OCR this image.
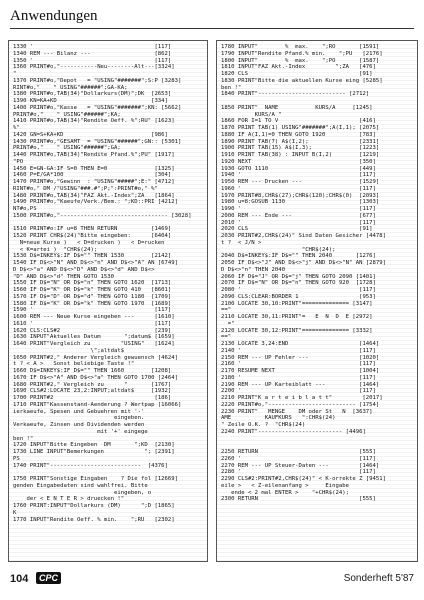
Anwendungen
1330 '                                    [117]
1340 REM --- Bilanz ---                   [862]
1350 '                                    [117]
1360 PRINT#o,"-----------Neu--------Alt---[3324]
"
1370 PRINT#o,"Depot   = "USING"#######";S:P [3283]
RINT#o,"    " USING"######";GA-KA;
1380 PRINT#o,TAB(34)"Dollarkurs(DM)";DK  [2653]
1390 KN=KA+KD                            [334]
1400 PRINT#o,"Kasse   = "USING"#######";KN: [5662]
PRINT#o,"    " USING"######";KA;
1410 PRINT#o,TAB(34)"Rendite Oeff. %";RU" [1623]
%"
1420 GN=S+KA+KD                          [986]
1430 PRINT#o,"GESAMT  = "USING"######";GN:: [5301]
PRINT#o,"    " USING"######";GA;
1440 PRINT#o,TAB(34)"Rendite Pfand.%";PU" [1917]
"PO
1450 E=GN-GA:IF S=0 THEN E=0              [1325]
1460 P=E/GA*100                           [304]
1470 PRINT#o,"Gewinn  : "USING"#####";E:" [4712]
RINT#o," DM /"USING"###.#";P;":PRINT#o," %"
1480 PRINT#o,TAB(34)"FAZ Akt.-Index";ZA   [1864]
1490 PRINT#o,"Kaeufe/Verk./Bem.: ";KD::PRI [4212]
NT#o,PS
1500 PRINT#o,"-------------------------------- [3028]
1510 PRINT#o:IF u=8 THEN RETURN          [1469]
1520 PRINT CHR$(24)"Bitte eingeben:      [6404]
N=neue Kurse )   < D=drucken )   < D=rucken
< K=artei )  "CHR$(24);
1530 D$=INKEY$:IF D$="" THEN 1530        [2142]
1540 IF D$<>"N" AND D$<>"n" AND D$<>"A" AN [6749]
D D$<>"a" AND D$<>"D" AND D$<>"d" AND D$<>
"D" AND D$<>"d" THEN GOTO 1530
1550 IF D$="N" OR D$="n" THEN GOTO 1620  [1713]
1560 IF D$="K" OR D$="k" THEN GOTO 410   [8601]
1570 IF D$="D" OR D$="d" THEN GOTO 1180  [1709]
1580 IF D$="K" OR D$="k" THEN GOTO 1970  [1689]
1590 '                                    [117]
1600 REM --- Neue Kurse eingeben ---      [1610]
1610 '                                    [117]
1620 CLS:CLS#2                            [239]
1630 INPUT"Aktuelles Datum       ";datum$ [1659]
1640 PRINT"Vergleich zu         "USING"   [1624]
\";altdat$
1650 PRINT#2," Anderer Vergleich gewuensch [4624]
t ? < A >   Sonst beliebige Taste !"
1660 D$=INKEY$:IF D$="" THEN 1660        [1208]
1670 IF D$<>"A" AND D$<>"a" THEN GOTO 1700 [2464]
1680 PRINT#2," Vergleich zu      "       [1767]
1690 CLS#2:LOCATE 23,2:INPUT;altdat$     [1932]
1700 PRINT#2                              [186]
1710 PRINT"Kassenstand-Aenderung ? Wertpap [16066]
ierkaeufe, Spesen und Gebuehren mit '-'
eingeben.
Verkaeufe, Zinsen und Dividenden werden
mit '+' eingege
ben !"
1720 INPUT"Bitte Eingeben  DM       ";KD  [2130]
1730 LINE INPUT"Bemerkungen            "; [2391]
PS
1740 PRINT"---------------------------  [4376]
1750 PRINT"Sonstige Eingaben    ? Die fol [12669]
genden Eingabedaten sind wahlfrei. Bitte
eingeben, o
der < E N T E R > druecken !"
1760 PRINT:INPUT"Dollarkurs (DM)      ";D [1865]
K
1770 INPUT"Rendite Oeff. % min.    ";RU   [2302]
1780 INPUT"        %  max.    ";RO       [1591]
1790 INPUT"Rendite Pfand.% min.    ";PU   [2176]
1800 INPUT"        %  max.    ";PO       [1587]
1810 INPUT"FAZ Akt.-Index         ";ZA   [476]
1820 CLS                                 [91]
1830 PRINT"Bitte die aktuellen Kurse eing [5285]
ben !"
1840 PRINT"-------------------------- [2712]
1850 PRINT"  NAME           KURS/A     [1245]
KURS/A "
1860 FOR I=1 TO V                        [416]
1870 PRINT TAB(1) USING"#######";A(I,1); [2075]
1880 IF A(I,1)=0 THEN GOTO 1920          [783]
1890 PRINT TAB(7) A$(I,2);               [2331]
1900 PRINT TAB(15) A$(I,3);              [1223]
1910 PRINT TAB(38) : INPUT B(I,2)        [1219]
1920 NEXT                                [350]
1930 GOTO 1110                           [449]
1940 '                                   [117]
1950 REM --- Drucken ---                 [1529]
1960 '                                   [117]
1970 PRINT#8,CHR$(27);CHR$(120);CHR$(0)  [2093]
1980 u=8:GOSUB 1130                      [1303]
1990 '                                   [117]
2000 REM --- Ende ---                    [677]
2010 '                                   [117]
2020 CLS                                 [91]
2030 PRINT#2,CHR$(24)" Sind Daten Gesicher [4478]
t ?  < J/N >
"CHR$(24);
2040 D$=INKEY$:IF D$="" THEN 2040       [1276]
2050 IF D$<>"J" AND D$<>"j" AND D$<>"N" AN [2879]
D D$<>"n" THEN 2040
2060 IF D$="J" OR D$="j" THEN GOTO 2090 [1401]
2070 IF D$="N" OR D$="n" THEN GOTO 920  [1728]
2080 '                                   [117]
2090 CLS:CLEAR:BORDER 1                  [953]
2100 LOCATE 30,10:PRINT"============== [3147]
=="
2110 LOCATE 30,11:PRINT"=   E  N  D  E [2972]
="
2120 LOCATE 30,12:PRINT"============== [3332]
=="
2130 LOCATE 3,24:END                     [1464]
2140 '                                   [117]
2150 REM --- UP Fehler ---               [1020]
2160 '                                   [117]
2170 RESUME NEXT                         [1004]
2180 '                                   [117]
2190 REM --- UP Karteiblatt ---          [1464]
2200 '                                   [117]
2210 PRINT"K a r t e i b l a t t"         [2017]
2220 PRINT#o,"-------------------------- [1754]
2230 PRINT"   MENGE    DM oder St   N  [3637]
AME          KAUFKURS   ":CHR$(24)
" Zeile O.K. ?  "CHR$(24)
2240 PRINT"------------------------- [4496]
2250 RETURN                              [555]
2260 '                                   [117]
2270 REM --- UP Steuer-Daten ---         [1464]
2280 '                                   [117]
2290 CLS#2:PRINT#2,CHR$(24)" < K-orrekte Z [9451]
eile >   < Z-eilenanfang >     Eingabe
ende < 2 mal ENTER >    "+CHR$(24);
2300 RETURN                              [555]
104	CPC	Sonderheft 5'87
